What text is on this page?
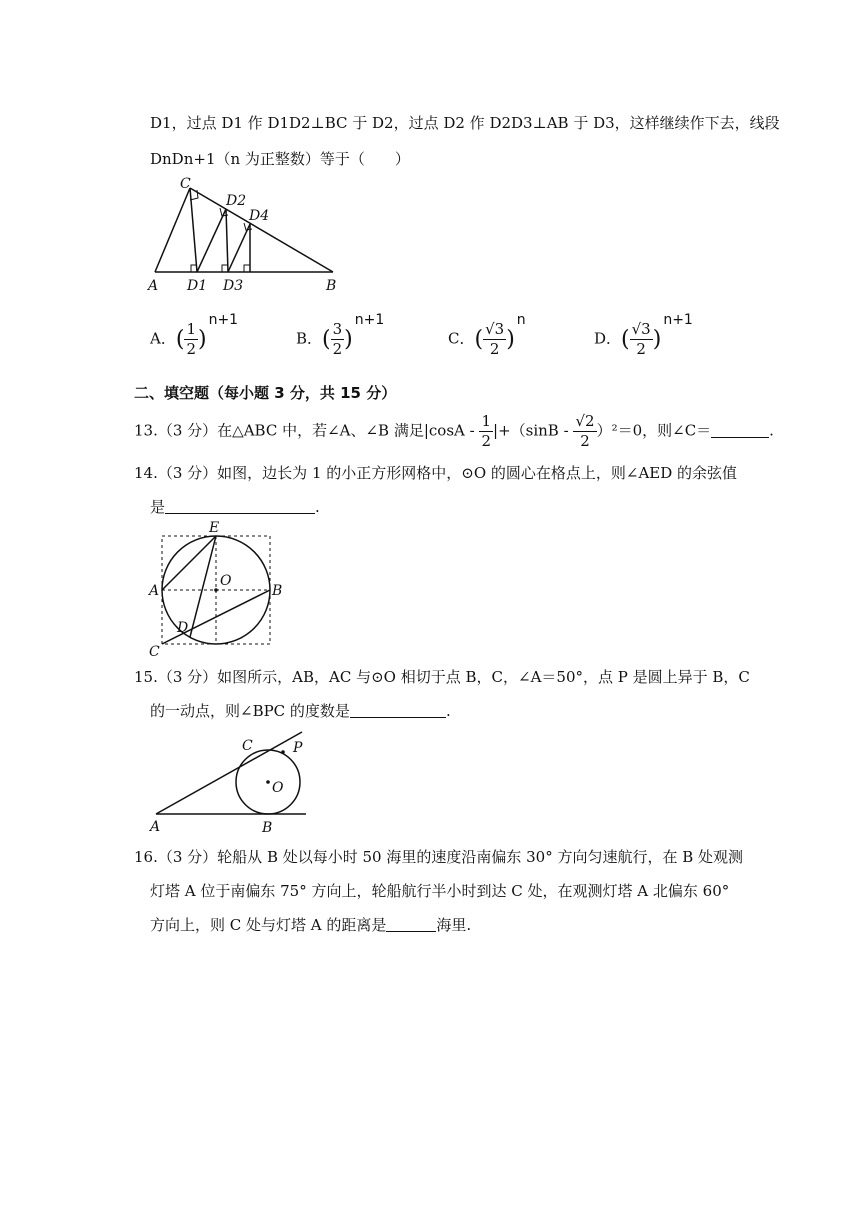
D1，过点 D1 作 D1D2⊥BC 于 D2，过点 D2 作 D2D3⊥AB 于 D3，这样继续作下去，线段
DnDn+1（n 为正整数）等于（　　）
C
D2
D4
A D1 D3	B
A．( $\frac{1}{2} )n+1$
B．( $\frac{3}{2} )n+1$
C．( $\frac{√3}{2} )n$
D．( $\frac{√3}{2} )n+1$
二、填空题（每小题 3 分，共 15 分）
13.（3 分）在△ABC 中，若∠A、∠B 满足$|\cos A - \frac{1}{2} |+(\sin B - \frac{√2}{2} )^2=0$，则∠C＝	.
14.（3 分）如图，边长为 1 的小正方形网格中，⊙O 的圆心在格点上，则∠AED 的余弦值
是	.
E
A
O
B
D
C
15.（3 分）如图所示，AB，AC 与⊙O 相切于点 B，C，∠A＝50°，点 P 是圆上异于 B，C
的一动点，则∠BPC 的度数是	.
C	P
O
A	B
16.（3 分）轮船从 B 处以每小时 50 海里的速度沿南偏东 30° 方向匀速航行，在 B 处观测
灯塔 A 位于南偏东 75° 方向上，轮船航行半小时到达 C 处，在观测灯塔 A 北偏东 60°
方向上，则 C 处与灯塔 A 的距离是	海里.
